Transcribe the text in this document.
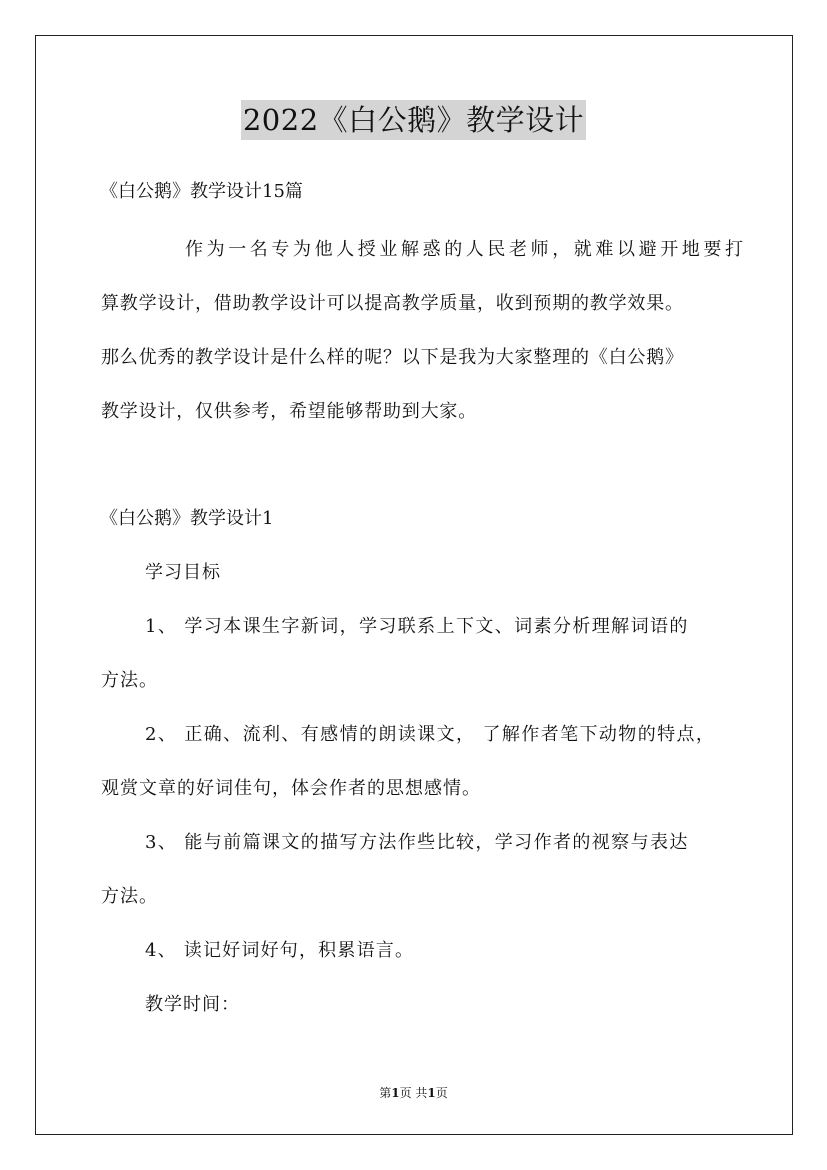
2022《白公鹅》教学设计
《白公鹅》教学设计15篇
作为一名专为他人授业解惑的人民老师，就难以避开地要打
算教学设计，借助教学设计可以提高教学质量，收到预期的教学效果。
那么优秀的教学设计是什么样的呢？以下是我为大家整理的《白公鹅》
教学设计，仅供参考，希望能够帮助到大家。
《白公鹅》教学设计1
学习目标
1、 学习本课生字新词，学习联系上下文、词素分析理解词语的
方法。
2、 正确、流利、有感情的朗读课文， 了解作者笔下动物的特点，
观赏文章的好词佳句，体会作者的思想感情。
3、 能与前篇课文的描写方法作些比较，学习作者的视察与表达
方法。
4、 读记好词好句，积累语言。
教学时间：
第1页 共1页
